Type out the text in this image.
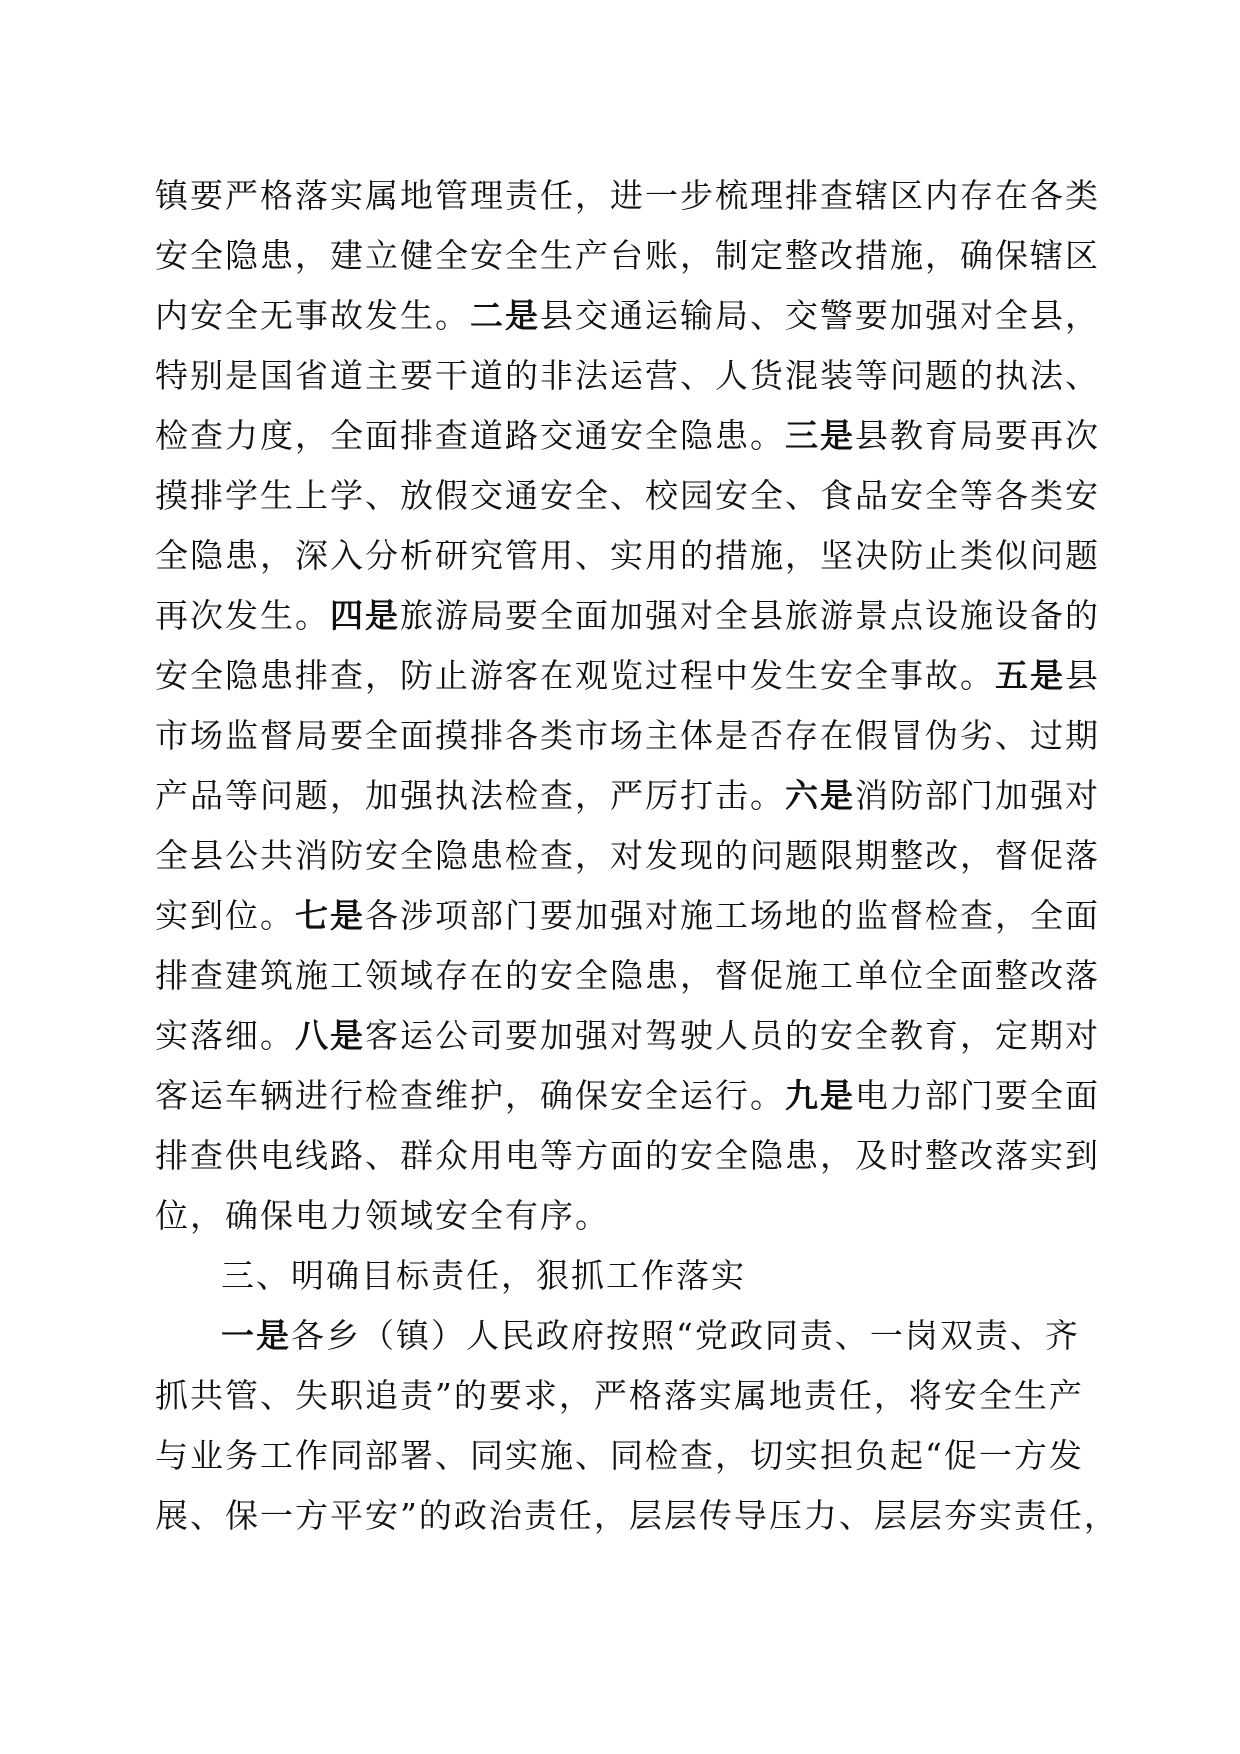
镇要严格落实属地管理责任，进一步梳理排查辖区内存在各类
安全隐患，建立健全安全生产台账，制定整改措施，确保辖区
内安全无事故发生。二是县交通运输局、交警要加强对全县，
特别是国省道主要干道的非法运营、人货混装等问题的执法、
检查力度，全面排查道路交通安全隐患。三是县教育局要再次
摸排学生上学、放假交通安全、校园安全、食品安全等各类安
全隐患，深入分析研究管用、实用的措施，坚决防止类似问题
再次发生。四是旅游局要全面加强对全县旅游景点设施设备的
安全隐患排查，防止游客在观览过程中发生安全事故。五是县
市场监督局要全面摸排各类市场主体是否存在假冒伪劣、过期
产品等问题，加强执法检查，严厉打击。六是消防部门加强对
全县公共消防安全隐患检查，对发现的问题限期整改，督促落
实到位。七是各涉项部门要加强对施工场地的监督检查，全面
排查建筑施工领域存在的安全隐患，督促施工单位全面整改落
实落细。八是客运公司要加强对驾驶人员的安全教育，定期对
客运车辆进行检查维护，确保安全运行。九是电力部门要全面
排查供电线路、群众用电等方面的安全隐患，及时整改落实到
位，确保电力领域安全有序。
三、明确目标责任，狠抓工作落实
一是各乡（镇）人民政府按照“党政同责、一岗双责、齐
抓共管、失职追责”的要求，严格落实属地责任，将安全生产
与业务工作同部署、同实施、同检查，切实担负起“促一方发
展、保一方平安”的政治责任，层层传导压力、层层夯实责任，
